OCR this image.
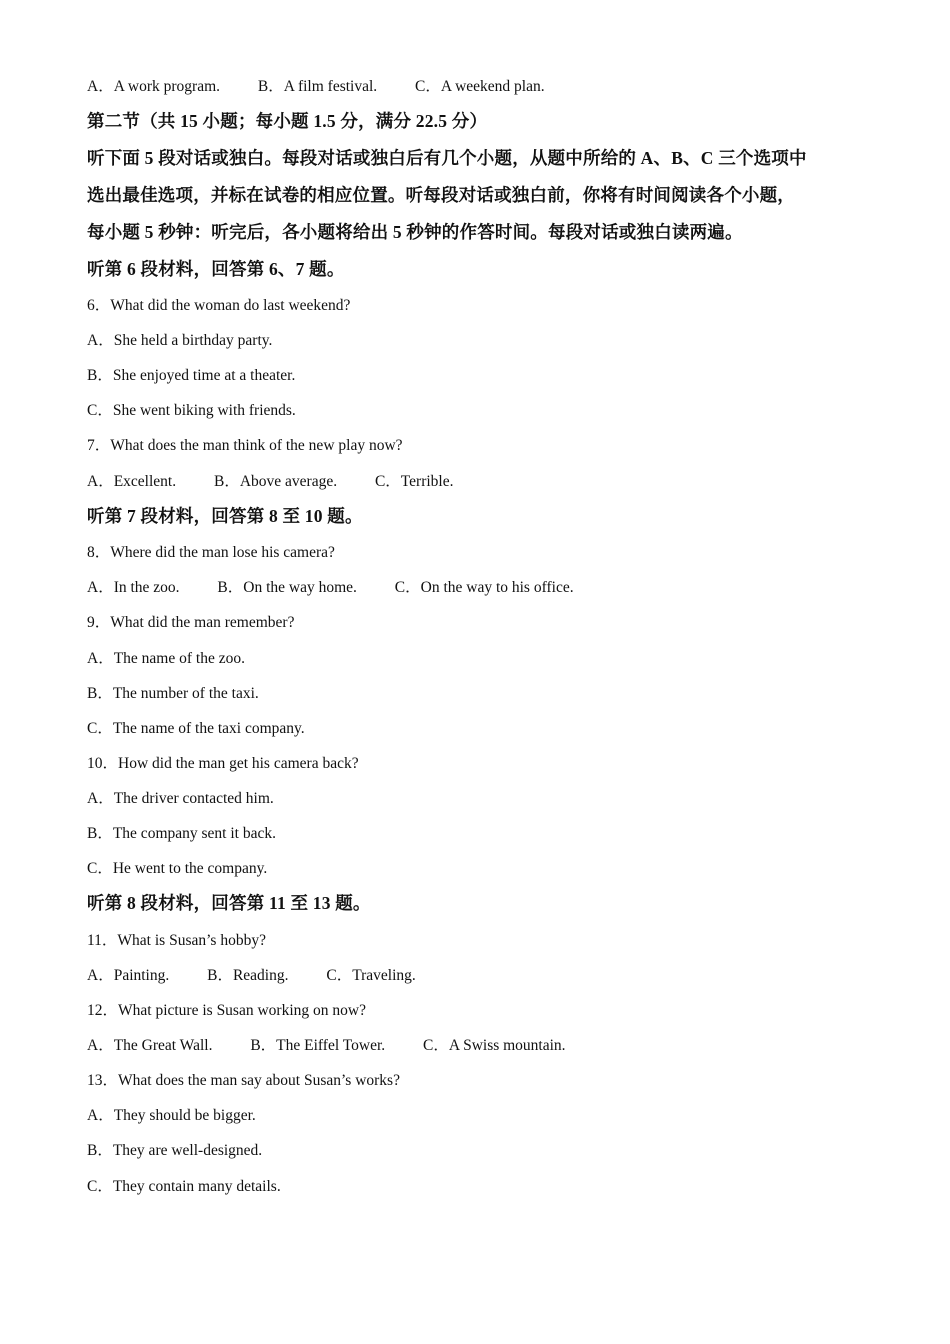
A．A work program. B．A film festival. C．A weekend plan.
第二节（共 15 小题；每小题 1.5 分，满分 22.5 分）
听下面 5 段对话或独白。每段对话或独白后有几个小题，从题中所给的 A、B、C 三个选项中
选出最佳选项，并标在试卷的相应位置。听每段对话或独白前，你将有时间阅读各个小题，
每小题 5 秒钟：听完后，各小题将给出 5 秒钟的作答时间。每段对话或独白读两遍。
听第 6 段材料，回答第 6、7 题。
6．What did the woman do last weekend?
A．She held a birthday party.
B．She enjoyed time at a theater.
C．She went biking with friends.
7．What does the man think of the new play now?
A．Excellent. B．Above average. C．Terrible.
听第 7 段材料，回答第 8 至 10 题。
8．Where did the man lose his camera?
A．In the zoo. B．On the way home. C．On the way to his office.
9．What did the man remember?
A．The name of the zoo.
B．The number of the taxi.
C．The name of the taxi company.
10．How did the man get his camera back?
A．The driver contacted him.
B．The company sent it back.
C．He went to the company.
听第 8 段材料，回答第 11 至 13 题。
11．What is Susan’s hobby?
A．Painting. B．Reading. C．Traveling.
12．What picture is Susan working on now?
A．The Great Wall. B．The Eiffel Tower. C．A Swiss mountain.
13．What does the man say about Susan’s works?
A．They should be bigger.
B．They are well-designed.
C．They contain many details.
